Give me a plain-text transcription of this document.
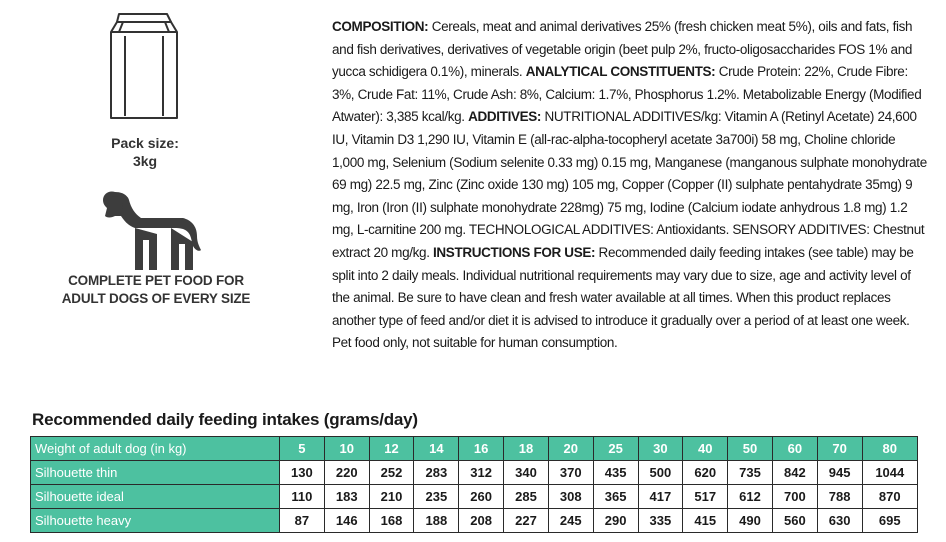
Pack size:
3kg
COMPLETE PET FOOD FOR
ADULT DOGS OF EVERY SIZE
COMPOSITION: Cereals, meat and animal derivatives 25% (fresh chicken meat 5%), oils and fats, fish and fish derivatives, derivatives of vegetable origin (beet pulp 2%, fructo-oligosaccharides FOS 1% and yucca schidigera 0.1%), minerals. ANALYTICAL CONSTITUENTS: Crude Protein: 22%, Crude Fibre: 3%, Crude Fat: 11%, Crude Ash: 8%, Calcium: 1.7%, Phosphorus 1.2%. Metabolizable Energy (Modified Atwater): 3,385 kcal/kg. ADDITIVES: NUTRITIONAL ADDITIVES/kg: Vitamin A (Retinyl Acetate) 24,600 IU, Vitamin D3 1,290 IU, Vitamin E (all-rac-alpha-tocopheryl acetate 3a700i) 58 mg, Choline chloride 1,000 mg, Selenium (Sodium selenite 0.33 mg) 0.15 mg, Manganese (manganous sulphate monohydrate 69 mg) 22.5 mg, Zinc (Zinc oxide 130 mg) 105 mg, Copper (Copper (II) sulphate pentahydrate 35mg) 9 mg, Iron (Iron (II) sulphate monohydrate 228mg) 75 mg, Iodine (Calcium iodate anhydrous 1.8 mg) 1.2 mg, L-carnitine 200 mg. TECHNOLOGICAL ADDITIVES: Antioxidants. SENSORY ADDITIVES: Chestnut extract 20 mg/kg. INSTRUCTIONS FOR USE: Recommended daily feeding intakes (see table) may be split into 2 daily meals. Individual nutritional requirements may vary due to size, age and activity level of the animal. Be sure to have clean and fresh water available at all times. When this product replaces another type of feed and/or diet it is advised to introduce it gradually over a period of at least one week. Pet food only, not suitable for human consumption.
Recommended daily feeding intakes (grams/day)
Weight of adult dog (in kg)	5	10	12	14	16	18	20	25	30	40	50	60	70	80
Silhouette thin	130	220	252	283	312	340	370	435	500	620	735	842	945	1044
Silhouette ideal	110	183	210	235	260	285	308	365	417	517	612	700	788	870
Silhouette heavy	87	146	168	188	208	227	245	290	335	415	490	560	630	695
